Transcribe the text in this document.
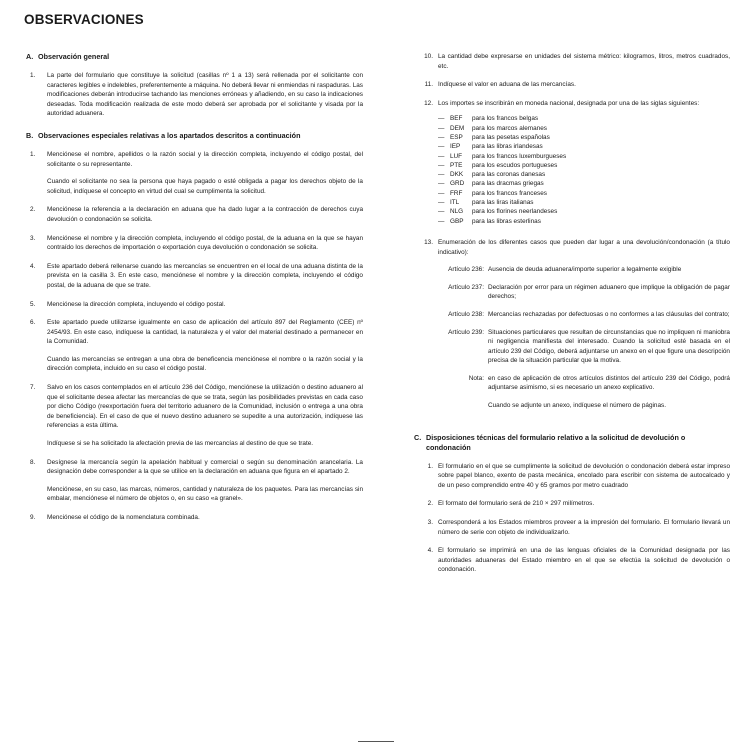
OBSERVACIONES
A. Observación general
1.	La parte del formulario que constituye la solicitud (casillas nº 1 a 13) será rellenada por el solicitante con caracteres legibles e indelebles, preferentemente a máquina. No deberá llevar ni enmiendas ni raspaduras. Las modificaciones deberán introducirse tachando las menciones erróneas y añadiendo, en su caso la indicaciones deseadas. Toda modificación realizada de este modo deberá ser aprobada por el solicitante y visada por la autoridad aduanera.

B. Observaciones especiales relativas a los apartados descritos a continuación
1.	Menciónese el nombre, apellidos o la razón social y la dirección completa, incluyendo el código postal, del solicitante o su representante.

Cuando el solicitante no sea la persona que haya pagado o esté obligada a pagar los derechos objeto de la solicitud, indíquese el concepto en virtud del cual se cumplimenta la solicitud.

2.	Menciónese la referencia a la declaración en aduana que ha dado lugar a la contracción de derechos cuya devolución o condonación se solicita.

3.	Menciónese el nombre y la dirección completa, incluyendo el código postal, de la aduana en la que se hayan contraído los derechos de importación o exportación cuya devolución o condonación se solicita.

4.	Este apartado deberá rellenarse cuando las mercancías se encuentren en el local de una aduana distinta de la prevista en la casilla 3. En este caso, menciónese el nombre y la dirección completa, incluyendo el código postal, de la aduana de que se trate.

5.	Menciónese la dirección completa, incluyendo el código postal.

6.	Este apartado puede utilizarse igualmente en caso de aplicación del artículo 897 del Reglamento (CEE) nº 2454/93. En este caso, indíquese la cantidad, la naturaleza y el valor del material destinado a permanecer en la Comunidad.

Cuando las mercancías se entregan a una obra de beneficencia menciónese el nombre o la razón social y la dirección completa, incluido en su caso el código postal.

7.	Salvo en los casos contemplados en el artículo 236 del Código, menciónese la utilización o destino aduanero al que el solicitante desea afectar las mercancías de que se trata, según las posibilidades previstas en cada caso por dicho Código (reexportación fuera del territorio aduanero de la Comunidad, inclusión o entrega a una obra de beneficiencia). En el caso de que el nuevo destino aduanero se supedite a una autorización, indíquese las referencias a esta última.

Indíquese si se ha solicitado la afectación previa de las mercancías al destino de que se trate.

8.	Desígnese la mercancía según la apelación habitual y comercial o según su denominación arancelaria. La designación debe corresponder a la que se utilice en la declaración en aduana que figura en el apartado 2.

Menciónese, en su caso, las marcas, números, cantidad y naturaleza de los paquetes. Para las mercancías sin embalar, menciónese el número de objetos o, en su caso «a granel».

9.	Menciónese el código de la nomenclatura combinada.

10. La cantidad debe expresarse en unidades del sistema métrico: kilogramos, litros, metros cuadrados, etc.
11. Indíquese el valor en aduana de las mercancías.
12. Los importes se inscribirán en moneda nacional, designada por una de las siglas siguientes:
— BEF	para los francos belgas
— DEM	para los marcos alemanes
— ESP	para las pesetas españolas
— IEP	para las libras irlandesas
— LUF	para los francos luxemburgueses
— PTE	para los escudos portugueses
— DKK	para las coronas danesas
— GRD	para las dracmas griegas
— FRF	para los francos franceses
— ITL	para las liras italianas
— NLG	para los florines neerlandeses
— GBP	para las libras esterlinas
13. Enumeración de los diferentes casos que pueden dar lugar a una devolución/condonación (a título indicativo):
Artículo 236: Ausencia de deuda aduanera/importe superior a legalmente exigible
Artículo 237: Declaración por error para un régimen aduanero que implique la obligación de pagar derechos;
Artículo 238: Mercancías rechazadas por defectuosas o no conformes a las cláusulas del contrato;
Artículo 239: Situaciones particulares que resultan de circunstancias que no impliquen ni maniobra ni negligencia manifiesta del interesado. Cuando la solicitud esté basada en el artículo 239 del Código, deberá adjuntarse un anexo en el que figure una descripción precisa de la situación particular que la motiva.
Nota: en caso de aplicación de otros artículos distintos del artículo 239 del Código, podrá adjuntarse asimismo, si es necesario un anexo explicativo.
Cuando se adjunte un anexo, indíquese el número de páginas.
C. Disposiciones técnicas del formulario relativo a la solicitud de devolución o condonación
1. El formulario en el que se cumplimente la solicitud de devolución o condonación deberá estar impreso sobre papel blanco, exento de pasta mecánica, encolado para escribir con sistema de autocalcado y de un peso comprendido entre 40 y 65 gramos por metro cuadrado
2. El formato del formulario será de 210 × 297 milímetros.
3. Corresponderá a los Estados miembros proveer a la impresión del formulario. El formulario llevará un número de serie con objeto de individualizarlo.
4. El formulario se imprimirá en una de las lenguas oficiales de la Comunidad designada por las autoridades aduaneras del Estado miembro en el que se efectúa la solicitud de devolución o condonación.
